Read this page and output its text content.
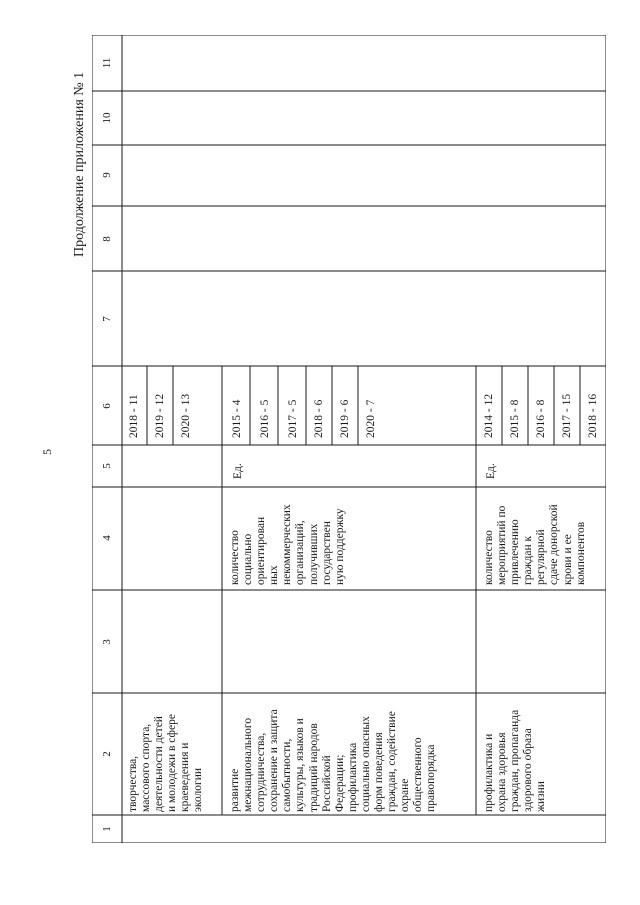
5
Продолжение приложения № 1
1
2
3
4
5
6
7
8
9
10
11
творчества, массового спорта, деятельности детей и молодежи в сфере краеведения и экологии
2018 - 11 2019 - 12 2020 - 13
развитие межнационального сотрудничества, сохранение и защита самобытности, культуры, языков и традиций народов Российской Федерации; профилактика социально опасных форм поведения граждан, содействие охране общественного правопорядка
количество социально ориентирован ных некоммерческих организаций, получивших государствен ную поддержку
Ед.
2015 - 4 2016 - 5 2017 - 5 2018 - 6 2019 - 6 2020 - 7
профилактика и охрана здоровья граждан, пропаганда здорового образа жизни
количество мероприятий по привлечению граждан к регулярной сдаче донорской крови и ее компонентов
Ед.
2014 - 12 2015 - 8 2016 - 8 2017 - 15 2018 - 16
